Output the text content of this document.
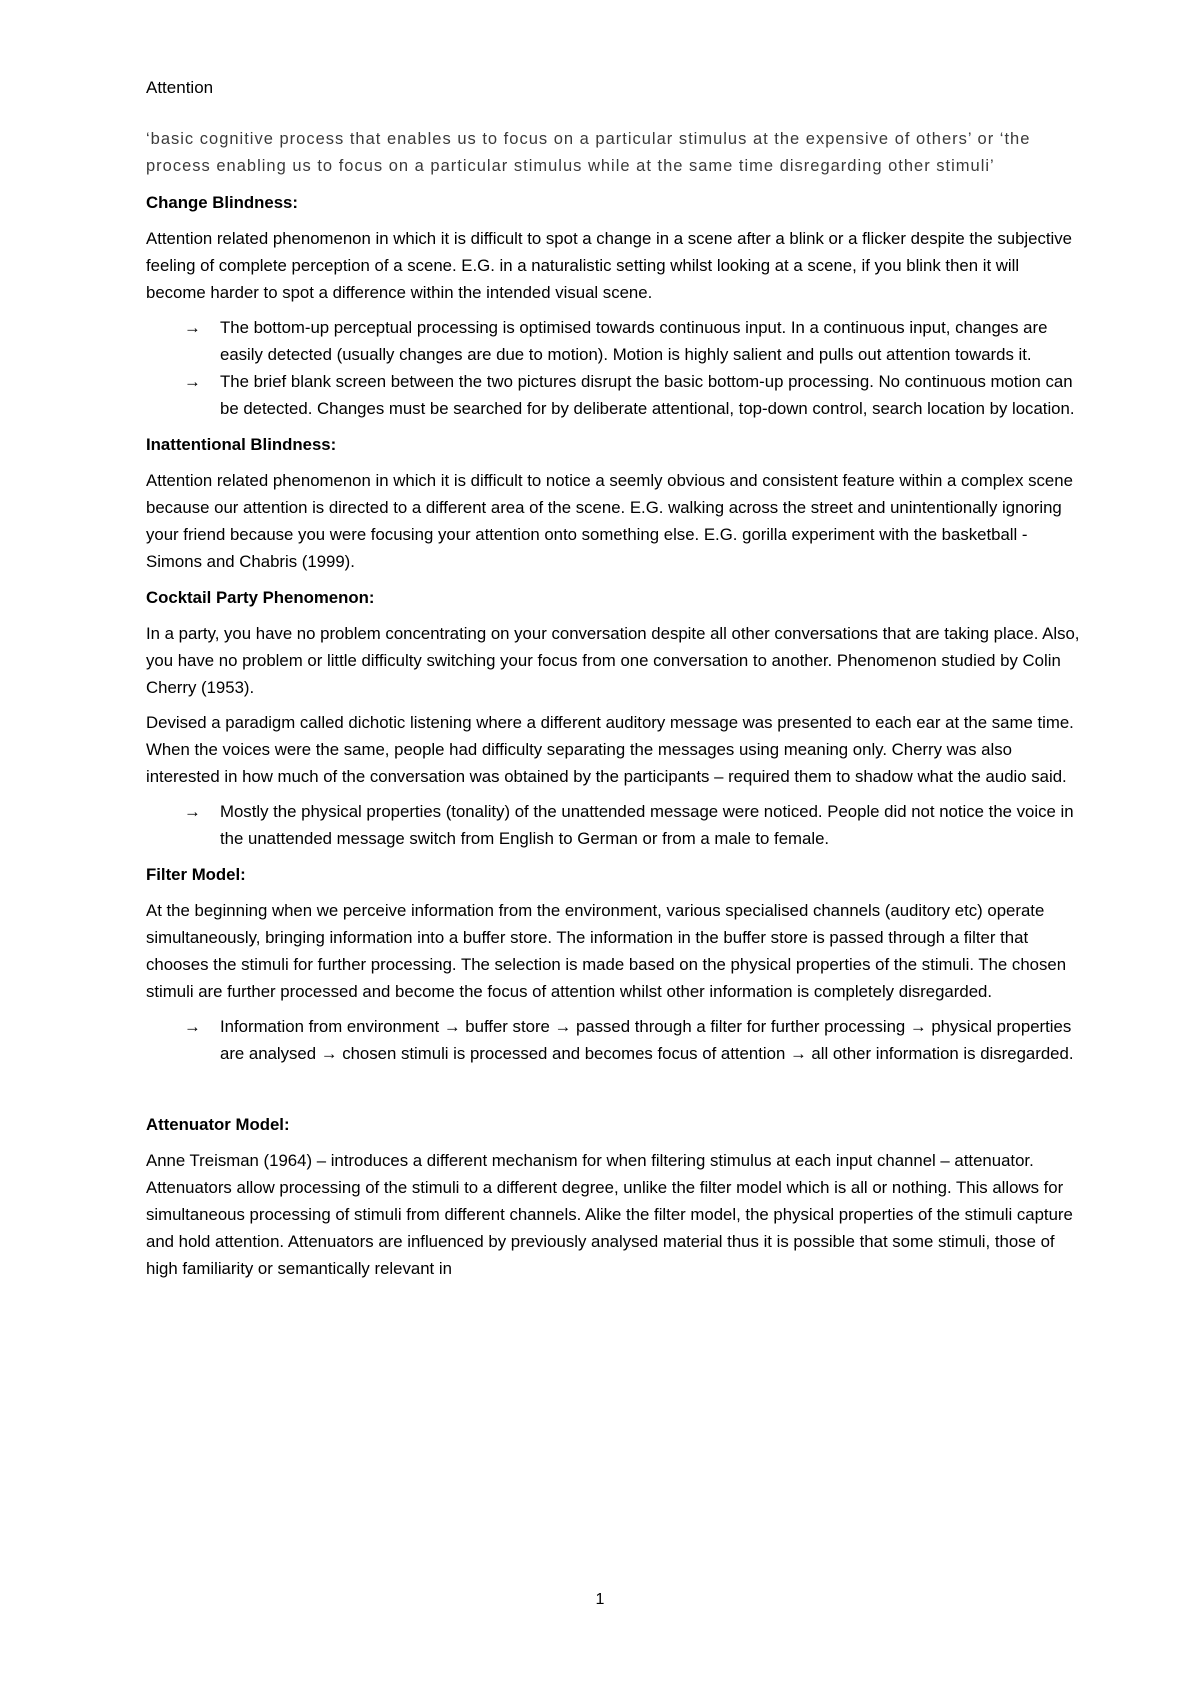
Attention

‘basic cognitive process that enables us to focus on a particular stimulus at the expensive of others’ or ‘the process enabling us to focus on a particular stimulus while at the same time disregarding other stimuli’

Change Blindness:

Attention related phenomenon in which it is difficult to spot a change in a scene after a blink or a flicker despite the subjective feeling of complete perception of a scene. E.G. in a naturalistic setting whilst looking at a scene, if you blink then it will become harder to spot a difference within the intended visual scene.

→ The bottom-up perceptual processing is optimised towards continuous input. In a continuous input, changes are easily detected (usually changes are due to motion). Motion is highly salient and pulls out attention towards it.
→ The brief blank screen between the two pictures disrupt the basic bottom-up processing. No continuous motion can be detected. Changes must be searched for by deliberate attentional, top-down control, search location by location.
Inattentional Blindness:

Attention related phenomenon in which it is difficult to notice a seemly obvious and consistent feature within a complex scene because our attention is directed to a different area of the scene. E.G. walking across the street and unintentionally ignoring your friend because you were focusing your attention onto something else. E.G. gorilla experiment with the basketball - Simons and Chabris (1999).

Cocktail Party Phenomenon:

In a party, you have no problem concentrating on your conversation despite all other conversations that are taking place. Also, you have no problem or little difficulty switching your focus from one conversation to another. Phenomenon studied by Colin Cherry (1953).

Devised a paradigm called dichotic listening where a different auditory message was presented to each ear at the same time. When the voices were the same, people had difficulty separating the messages using meaning only. Cherry was also interested in how much of the conversation was obtained by the participants – required them to shadow what the audio said.

→ Mostly the physical properties (tonality) of the unattended message were noticed. People did not notice the voice in the unattended message switch from English to German or from a male to female.
Filter Model:

At the beginning when we perceive information from the environment, various specialised channels (auditory etc) operate simultaneously, bringing information into a buffer store. The information in the buffer store is passed through a filter that chooses the stimuli for further processing. The selection is made based on the physical properties of the stimuli. The chosen stimuli are further processed and become the focus of attention whilst other information is completely disregarded.

→ Information from environment → buffer store → passed through a filter for further processing → physical properties are analysed → chosen stimuli is processed and becomes focus of attention → all other information is disregarded.
Attenuator Model:

Anne Treisman (1964) – introduces a different mechanism for when filtering stimulus at each input channel – attenuator. Attenuators allow processing of the stimuli to a different degree, unlike the filter model which is all or nothing. This allows for simultaneous processing of stimuli from different channels. Alike the filter model, the physical properties of the stimuli capture and hold attention. Attenuators are influenced by previously analysed material thus it is possible that some stimuli, those of high familiarity or semantically relevant in

1
